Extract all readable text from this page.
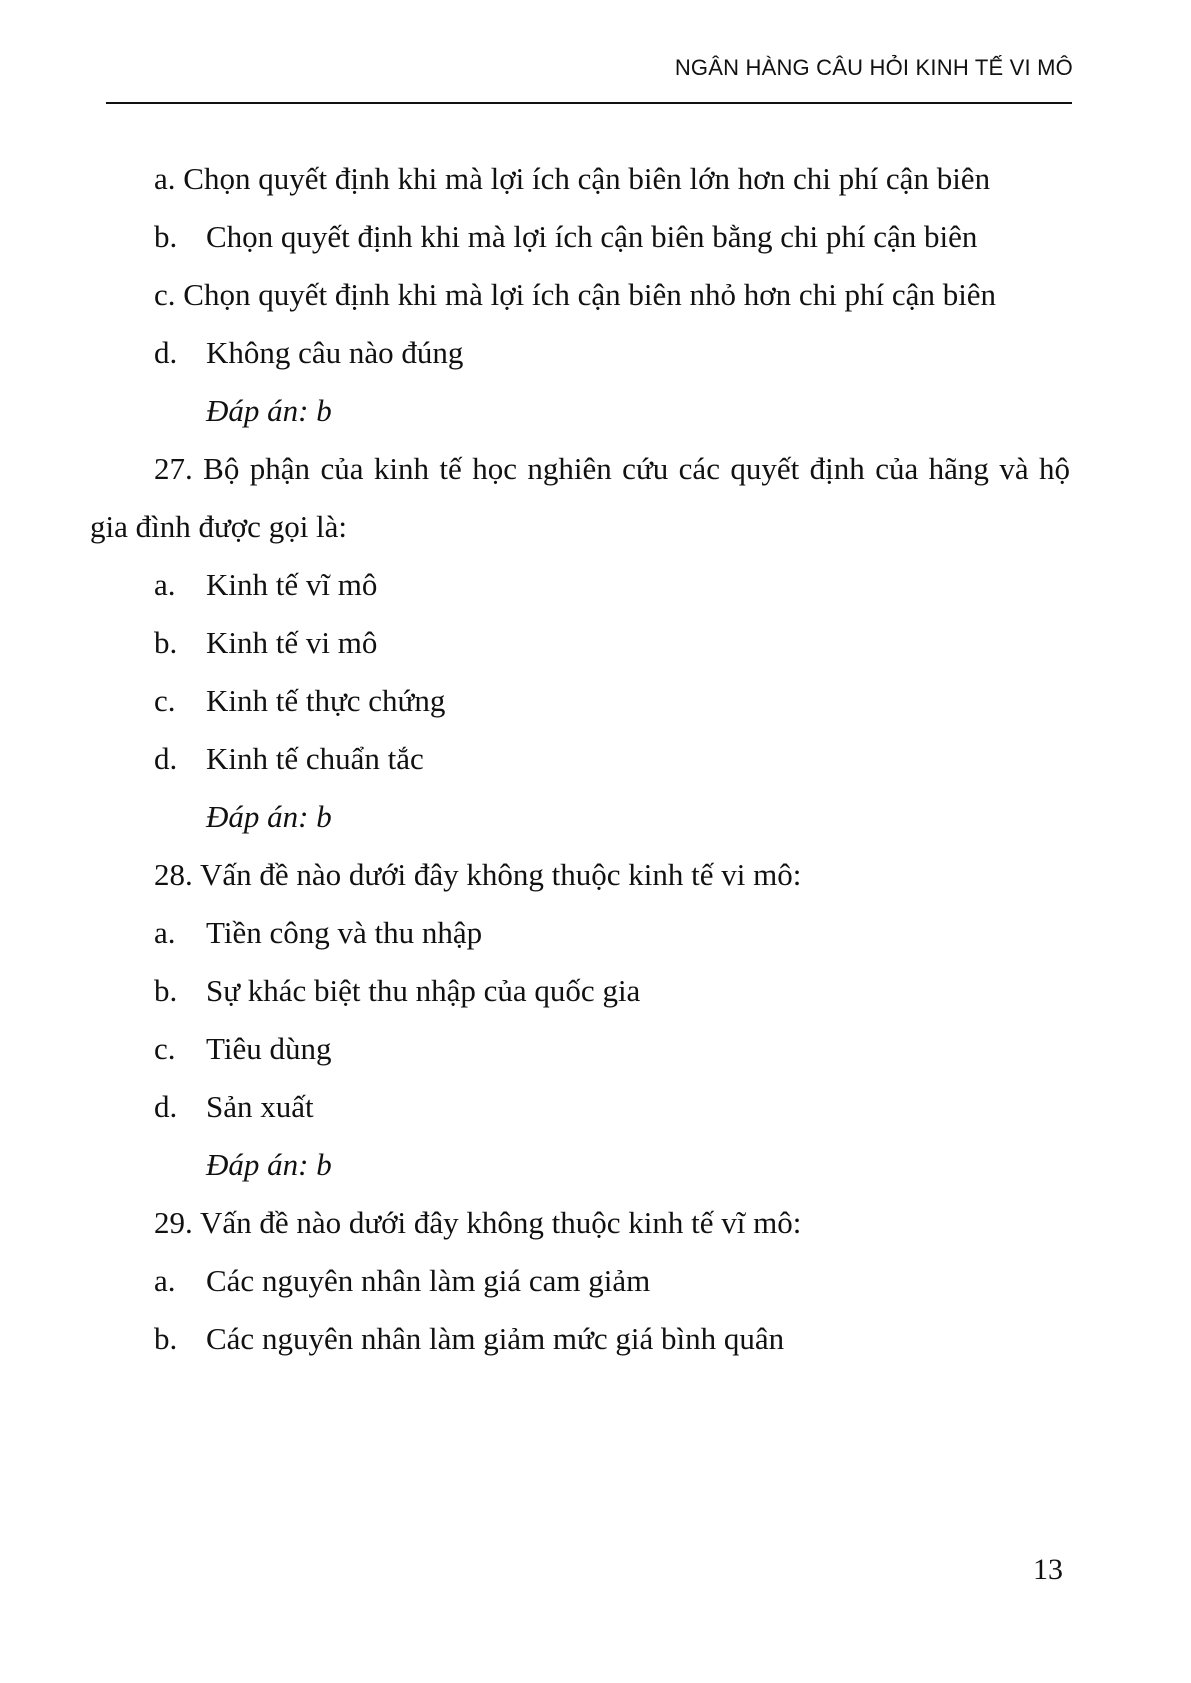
NGÂN HÀNG CÂU HỎI KINH TẾ VI MÔ

a. Chọn quyết định khi mà lợi ích cận biên lớn hơn chi phí cận biên

b. Chọn quyết định khi mà lợi ích cận biên bằng chi phí cận biên

c. Chọn quyết định khi mà lợi ích cận biên nhỏ hơn chi phí cận biên

d. Không câu nào đúng

Đáp án: b

27. Bộ phận của kinh tế học nghiên cứu các quyết định của hãng và hộ gia đình được gọi là:

a. Kinh tế vĩ mô

b. Kinh tế vi mô

c. Kinh tế thực chứng

d. Kinh tế chuẩn tắc

Đáp án: b

28. Vấn đề nào dưới đây không thuộc kinh tế vi mô:

a. Tiền công và thu nhập

b. Sự khác biệt thu nhập của quốc gia

c. Tiêu dùng

d. Sản xuất

Đáp án: b

29. Vấn đề nào dưới đây không thuộc kinh tế vĩ mô:

a. Các nguyên nhân làm giá cam giảm

b. Các nguyên nhân làm giảm mức giá bình quân

13
